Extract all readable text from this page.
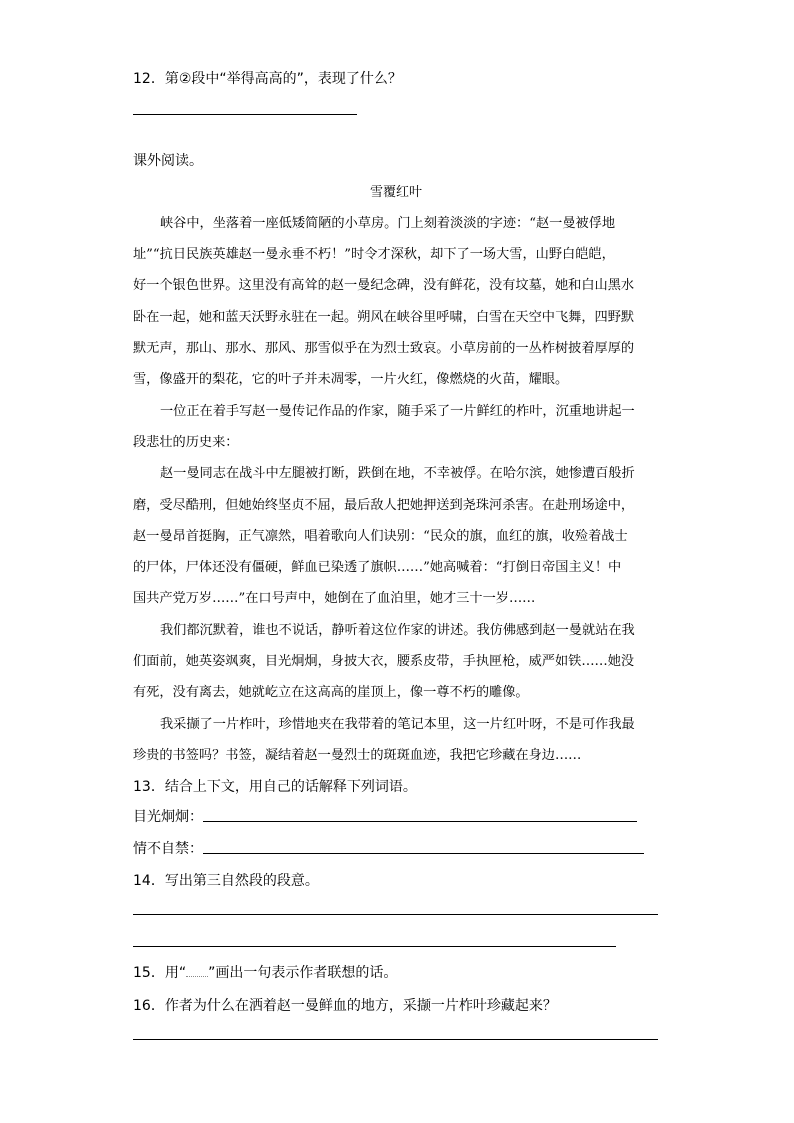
12．第②段中“举得高高的”，表现了什么？
课外阅读。
雪覆红叶
峡谷中，坐落着一座低矮简陋的小草房。门上刻着淡淡的字迹：“赵一曼被俘地
址”“抗日民族英雄赵一曼永垂不朽！”时令才深秋，却下了一场大雪，山野白皑皑，
好一个银色世界。这里没有高耸的赵一曼纪念碑，没有鲜花，没有坟墓，她和白山黑水
卧在一起，她和蓝天沃野永驻在一起。朔风在峡谷里呼啸，白雪在天空中飞舞，四野默
默无声，那山、那水、那风、那雪似乎在为烈士致哀。小草房前的一丛柞树披着厚厚的
雪，像盛开的梨花，它的叶子并未凋零，一片火红，像燃烧的火苗，耀眼。
一位正在着手写赵一曼传记作品的作家，随手采了一片鲜红的柞叶，沉重地讲起一
段悲壮的历史来：
赵一曼同志在战斗中左腿被打断，跌倒在地，不幸被俘。在哈尔滨，她惨遭百般折
磨，受尽酷刑，但她始终坚贞不屈，最后敌人把她押送到尧珠河杀害。在赴刑场途中，
赵一曼昂首挺胸，正气凛然，唱着歌向人们诀别：“民众的旗，血红的旗，收殓着战士
的尸体，尸体还没有僵硬，鲜血已染透了旗帜……”她高喊着：“打倒日帝国主义！中
国共产党万岁……”在口号声中，她倒在了血泊里，她才三十一岁……
我们都沉默着，谁也不说话，静听着这位作家的讲述。我仿佛感到赵一曼就站在我
们面前，她英姿飒爽，目光炯炯，身披大衣，腰系皮带，手执匣枪，威严如铁……她没
有死，没有离去，她就屹立在这高高的崖顶上，像一尊不朽的雕像。
我采撷了一片柞叶，珍惜地夹在我带着的笔记本里，这一片红叶呀，不是可作我最
珍贵的书签吗？书签，凝结着赵一曼烈士的斑斑血迹，我把它珍藏在身边……
13．结合上下文，用自己的话解释下列词语。
目光炯炯：
情不自禁：
14．写出第三自然段的段意。
15．用“ ”画出一句表示作者联想的话。
16．作者为什么在洒着赵一曼鲜血的地方，采撷一片柞叶珍藏起来？
